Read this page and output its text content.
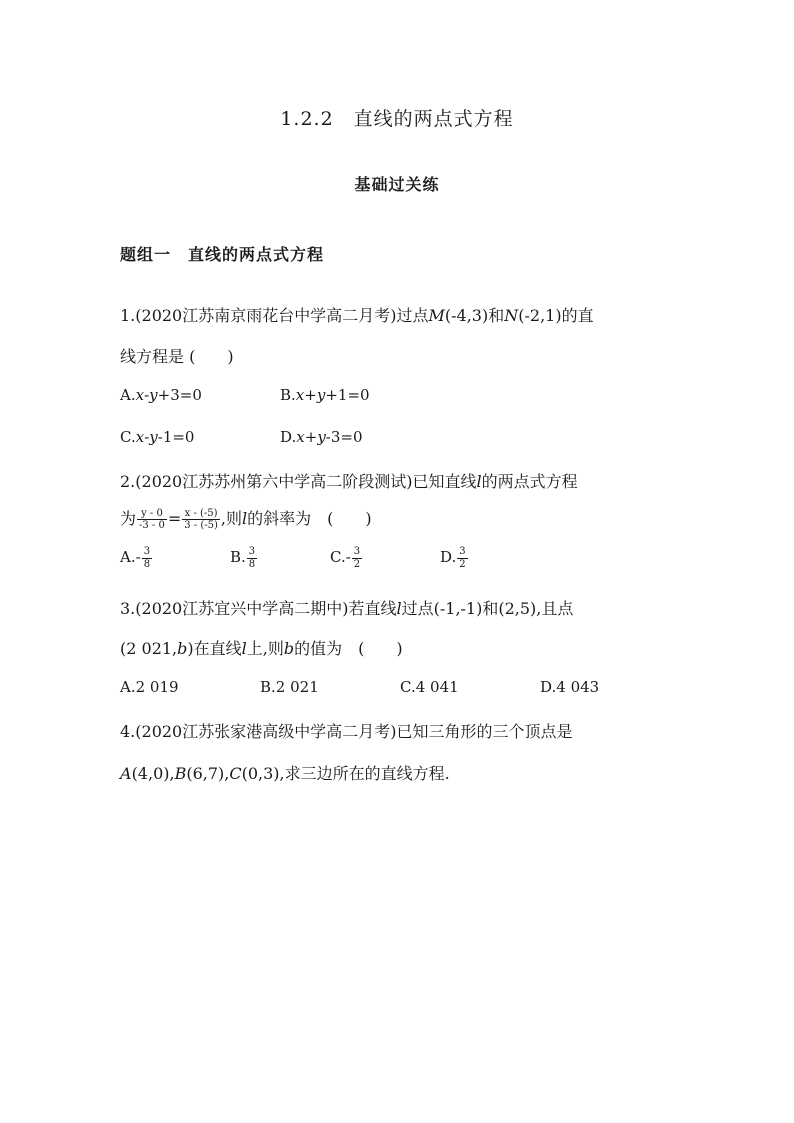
1.2.2　直线的两点式方程
基础过关练
题组一　直线的两点式方程
1.(2020江苏南京雨花台中学高二月考)过点M(-4,3)和N(-2,1)的直
线方程是 (　　)
A.x-y+3=0	B.x+y+1=0
C.x-y-1=0	D.x+y-3=0
2.(2020江苏苏州第六中学高二阶段测试)已知直线l的两点式方程
为 $\frac{y - 0}{-3 - 0} = \frac{x - (-5)}{3 - (-5)}$ ,则l的斜率为　(　　)
$A.- \frac{3}{8}$	B. $\frac{3}{8}$	$C.- \frac{3}{2}$	D. $\frac{3}{2}$
3.(2020江苏宜兴中学高二期中)若直线l过点(-1,-1)和(2,5),且点
(2 021,b)在直线l上,则b的值为　(　　)
A.2 019	B.2 021	C.4 041	D.4 043
4.(2020江苏张家港高级中学高二月考)已知三角形的三个顶点是
A(4,0),B(6,7),C(0,3),求三边所在的直线方程.
